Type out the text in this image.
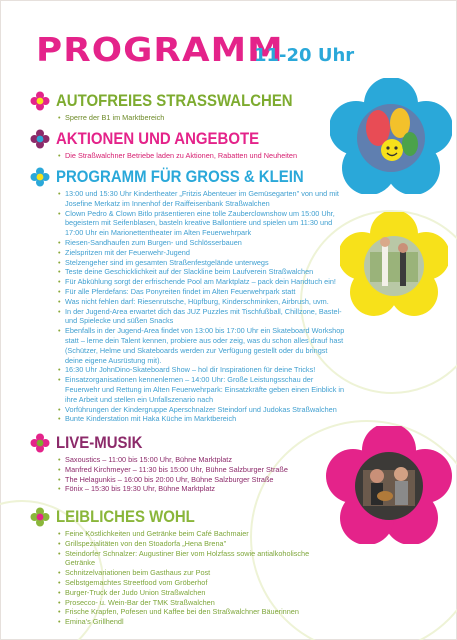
PROGRAMM
11-20 Uhr
AUTOFREIES STRASSWALCHEN
• Sperre der B1 im Marktbereich
AKTIONEN UND ANGEBOTE
• Die Straßwalchner Betriebe laden zu Aktionen, Rabatten und Neuheiten
PROGRAMM FÜR GROSS & KLEIN
• 13:00 und 15:30 Uhr Kindertheater „Fritzis Abenteuer im Gemüsegarten" von und mit Josefine Merkatz im Innenhof der Raiffeisenbank Straßwalchen
• Clown Pedro & Clown Bitlo präsentieren eine tolle Zauberclownshow um 15:00 Uhr, begeistern mit Seifenblasen, basteln kreative Ballontiere und spielen um 11:30 und 17:00 Uhr ein Marionettentheater im Alten Feuerwehrpark
• Riesen-Sandhaufen zum Burgen- und Schlösserbauen
• Zielspritzen mit der Feuerwehr-Jugend
• Stelzengeher sind im gesamten Straßenfestgelände unterwegs
• Teste deine Geschicklichkeit auf der Slackline beim Laufverein Straßwalchen
• Für Abkühlung sorgt der erfrischende Pool am Marktplatz – pack dein Handtuch ein!
• Für alle Pferdefans: Das Ponyreiten findet im Alten Feuerwehrpark statt
• Was nicht fehlen darf: Riesenrutsche, Hüpfburg, Kinderschminken, Airbrush, uvm.
• In der Jugend-Area erwartet dich das JUZ Puzzles mit Tischfußball, Chillzone, Bastel- und Spielecke und süßen Snacks
• Ebenfalls in der Jugend-Area findet von 13:00 bis 17:00 Uhr ein Skateboard Workshop statt – lerne dein Talent kennen, probiere aus oder zeig, was du schon alles drauf hast (Schützer, Helme und Skateboards werden zur Verfügung gestellt oder du bringst deine eigene Ausrüstung mit).
• 16:30 Uhr JohnDino-Skateboard Show – hol dir Inspirationen für deine Tricks!
• Einsatzorganisationen kennenlernen – 14:00 Uhr: Große Leistungsschau der Feuerwehr und Rettung im Alten Feuerwehrpark: Einsatzkräfte geben einen Einblick in ihre Arbeit und stellen ein Unfallszenario nach
• Vorführungen der Kindergruppe Aperschnalzer Steindorf und Judokas Straßwalchen
• Bunte Kinderstation mit Haka Küche im Marktbereich
LIVE-MUSIK
• Saxoustics – 11:00 bis 15:00 Uhr, Bühne Marktplatz
• Manfred Kirchmeyer – 11:30 bis 15:00 Uhr, Bühne Salzburger Straße
• The Helagunkis – 16:00 bis 20:00 Uhr, Bühne Salzburger Straße
• Fönix – 15:30 bis 19:30 Uhr, Bühne Marktplatz
LEIBLICHES WOHL
• Feine Köstlichkeiten und Getränke beim Café Bachmaier
• Grillspezialitäten von den Stoadorfa „Hena Brena"
• Steindorfer Schnalzer: Augustiner Bier vom Holzfass sowie antialkoholische Getränke
• Schnitzelvariationen beim Gasthaus zur Post
• Selbstgemachtes Streetfood vom Gröberhof
• Burger-Truck der Judo Union Straßwalchen
• Prosecco- u. Wein-Bar der TMK Straßwalchen
• Frische Krapfen, Pofesen und Kaffee bei den Straßwalchner Bäuerinnen
• Emina's Grillhendl
